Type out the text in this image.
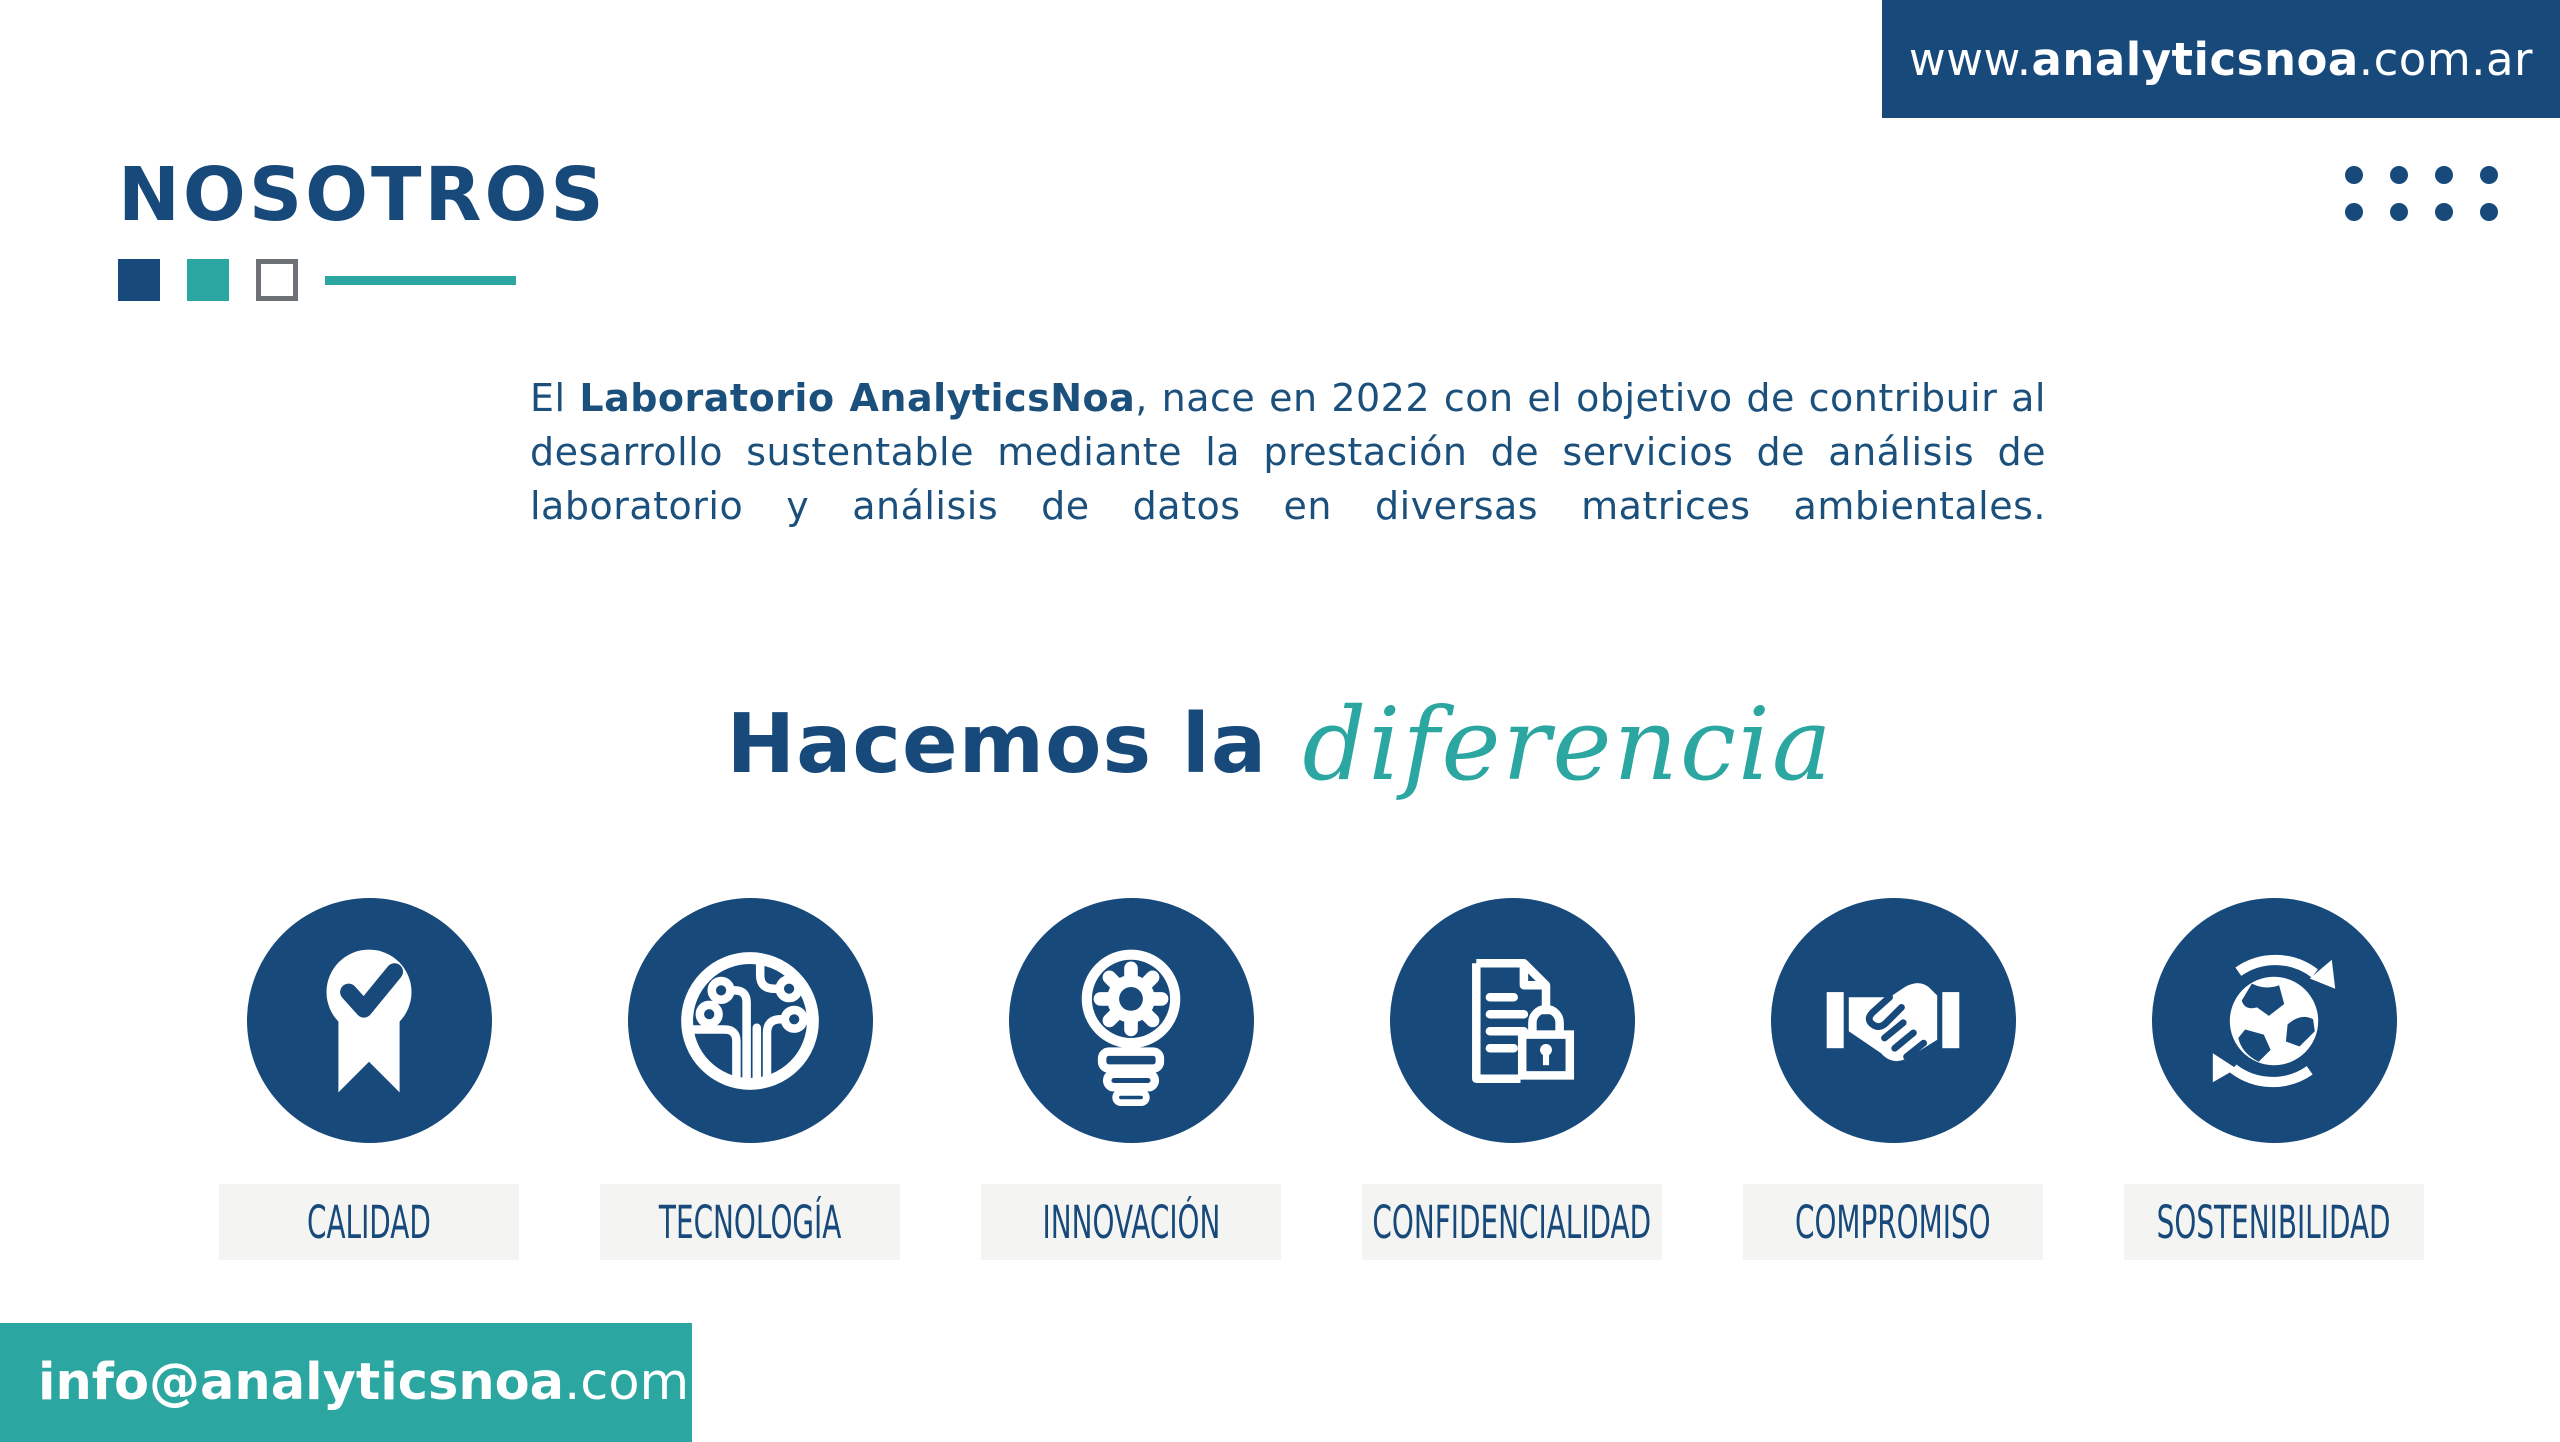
www.analyticsnoa.com.ar
NOSOTROS
El Laboratorio AnalyticsNoa, nace en 2022 con el objetivo de contribuir al
desarrollo sustentable mediante la prestación de servicios de análisis de
laboratorio y análisis de datos en diversas matrices ambientales.
Hacemos la diferencia
CALIDAD	TECNOLOGÍA	INNOVACIÓN	CONFIDENCIALIDAD	COMPROMISO	SOSTENIBILIDAD
info@analyticsnoa.com.ar
